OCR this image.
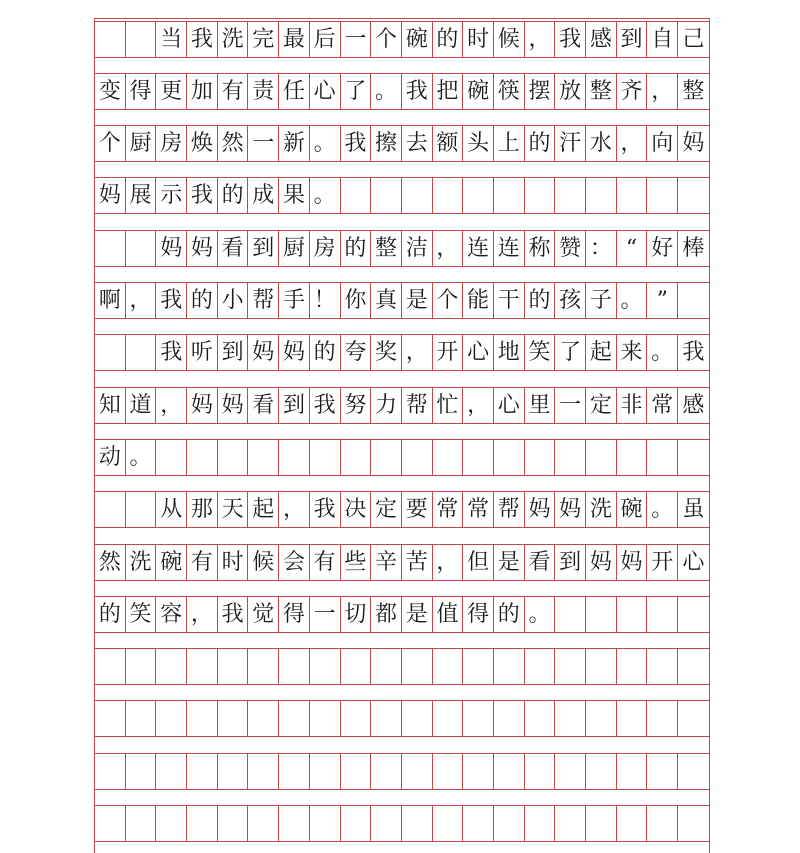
当 我 洗 完 最 后 一 个 碗 的 时 候 ， 我 感 到 自 己
变 得 更 加 有 责 任 心 了 。 我 把 碗 筷 摆 放 整 齐 ， 整
个 厨 房 焕 然 一 新 。 我 擦 去 额 头 上 的 汗 水 ， 向 妈
妈 展 示 我 的 成 果 。
妈 妈 看 到 厨 房 的 整 洁 ， 连 连 称 赞 ： “ 好 棒
啊 ， 我 的 小 帮 手 ！ 你 真 是 个 能 干 的 孩 子 。 ”
我 听 到 妈 妈 的 夸 奖 ， 开 心 地 笑 了 起 来 。 我
知 道 ， 妈 妈 看 到 我 努 力 帮 忙 ， 心 里 一 定 非 常 感
动 。
从 那 天 起 ， 我 决 定 要 常 常 帮 妈 妈 洗 碗 。 虽
然 洗 碗 有 时 候 会 有 些 辛 苦 ， 但 是 看 到 妈 妈 开 心
的 笑 容 ， 我 觉 得 一 切 都 是 值 得 的 。
